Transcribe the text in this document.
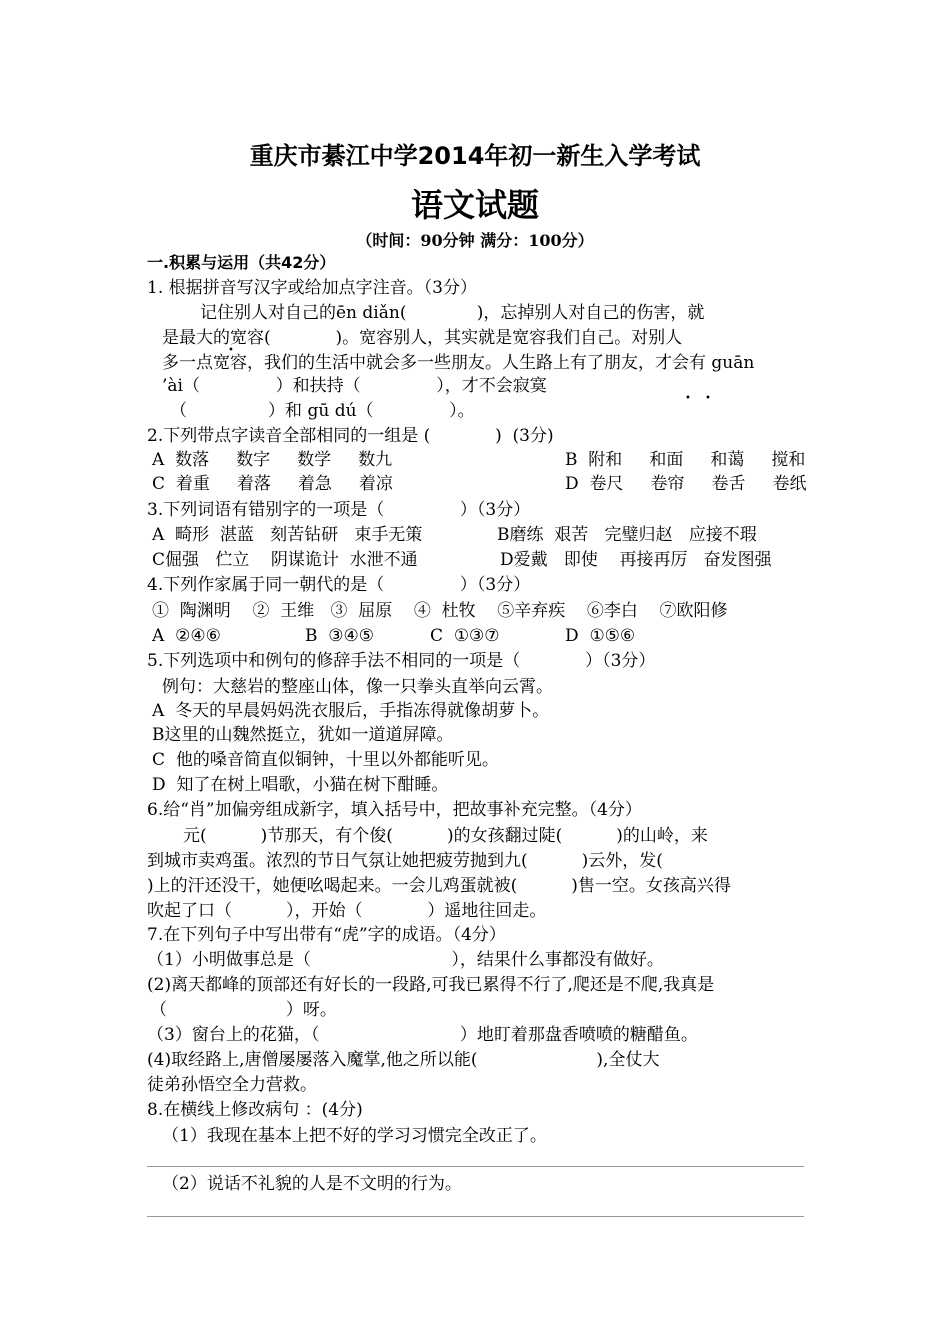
重庆市綦江中学2014年初一新生入学考试
语文试题
（时间：90分钟 满分：100分）
一.积累与运用（共42分）
1. 根据拼音写汉字或给加点字注音。（3分）
记住别人对自己的ēn diǎn(             )，忘掉别人对自己的伤害，就
是最大的宽容(            )。宽容别人，其实就是宽容我们自己。对别人
•
多一点宽容，我们的生活中就会多一些朋友。人生路上有了朋友，才会有 guān
’ài（              ）和扶持（              ），才不会寂寞
• •
（               ）和 gū dú（              ）。
2.下列带点字读音全部相同的一组是 (            )  (3分)
A  数落     数字     数学     数九	B  附和     和面     和蔼     搅和
C  着重     着落     着急     着凉	D  卷尺     卷帘     卷舌     卷纸
3.下列词语有错别字的一项是（              ）（3分）
A  畸形  湛蓝   刻苦钻研   束手无策	B磨练  艰苦   完璧归赵   应接不瑕
C倔强   伫立    阴谋诡计  水泄不通	D爱戴   即使    再接再厉   奋发图强
4.下列作家属于同一朝代的是（              ）（3分）
①  陶渊明    ②  王维   ③  屈原    ④  杜牧    ⑤辛弃疾    ⑥李白    ⑦欧阳修
A  ②④⑥	B  ③④⑤	C  ①③⑦	D  ①⑤⑥
5.下列选项中和例句的修辞手法不相同的一项是（            ）（3分）
例句：大慈岩的整座山体，像一只拳头直举向云霄。
A  冬天的早晨妈妈洗衣服后，手指冻得就像胡萝卜。
B这里的山魏然挺立，犹如一道道屏障。
C  他的嗓音简直似铜钟，十里以外都能听见。
D  知了在树上唱歌，小猫在树下酣睡。
6.给“肖”加偏旁组成新字，填入括号中，把故事补充完整。（4分）
元(          )节那天，有个俊(          )的女孩翻过陡(          )的山岭，来
到城市卖鸡蛋。浓烈的节日气氛让她把疲劳抛到九(          )云外，发(
)上的汗还没干，她便吆喝起来。一会儿鸡蛋就被(          )售一空。女孩高兴得
吹起了口（          ），开始（            ）遥地往回走。
7.在下列句子中写出带有“虎”字的成语。（4分）
（1）小明做事总是（                          ），结果什么事都没有做好。
(2)离天都峰的顶部还有好长的一段路,可我已累得不行了,爬还是不爬,我真是
（                      ）呀。
（3）窗台上的花猫，（                          ）地盯着那盘香喷喷的糖醋鱼。
(4)取经路上,唐僧屡屡落入魔掌,他之所以能(                      ),全仗大
徒弟孙悟空全力营救。
8.在横线上修改病句 ：(4分)
（1）我现在基本上把不好的学习习惯完全改正了。
（2）说话不礼貌的人是不文明的行为。
